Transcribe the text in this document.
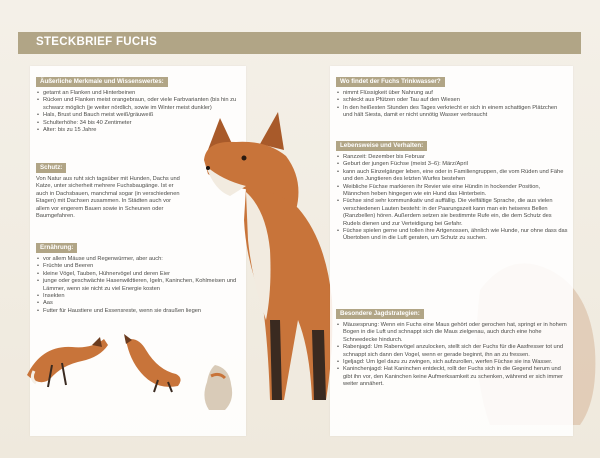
STECKBRIEF FUCHS
Äußerliche Merkmale und Wissenswertes:
• getarnt an Flanken und Hinterbeinen
• Rücken und Flanken meist orangebraun, oder viele Farbvarianten (bis hin zu schwarz möglich (je weiter nördlich, sowie im Winter meist dunkler)
• Hals, Brust und Bauch meist weiß/gräuweiß
• Schulterhöhe: 34 bis 40 Zentimeter
• Alter: bis zu 15 Jahre
Schutz:

Von Natur aus ruht sich tagsüber mit Hunden, Dachs und Katze, unter sicherheit mehrere Fuchsbaugänge. Ist er auch in Dachsbauen, manchmal sogar (in verschiedenen Etagen) mit Dachsen zusammen. In Städten auch vor allem vor engerem Bauen sowie in Scheunen oder Baumgefahren.

Ernährung:
• vor allem Mäuse und Regenwürmer, aber auch:
• Früchte und Beeren
• kleine Vögel, Tauben, Hühnervögel und deren Eier
• junge oder geschwächte Hasenwildtieren, Igeln, Kaninchen, Kohlmeisen und Lämmer, wenn sie nicht zu viel Energie kosten
• Insekten
• Aas
• Futter für Haustiere und Essensreste, wenn sie draußen liegen
Wo findet der Fuchs Trinkwasser?
• nimmt Flüssigkeit über Nahrung auf
• schleckt aus Pfützen oder Tau auf den Wiesen
• In den heißesten Stunden des Tages verkriecht er sich in einem schattigen Plätzchen und hält Siesta, damit er nicht unnötig Wasser verbraucht
Lebensweise und Verhalten:
• Ranzzeit: Dezember bis Februar
• Geburt der jungen Füchse (meist 3–6): März/April
• kann auch Einzelgänger leben, eine oder in Familiengruppen, die vom Rüden und Fähe und den Jungtieren des letzten Wurfes bestehen
• Weibliche Füchse markieren ihr Revier wie eine Hündin in hockender Position, Männchen heben hingegen wie ein Hund das Hinterbein.
• Füchse sind sehr kommunikativ und auffällig. Die vielfältige Sprache, die aus vielen verschiedenen Lauten besteht: in der Paarungszeit kann man ein heiseres Bellen (Ranzbellen) hören. Außerdem setzen sie bestimmte Rufe ein, die dem Schutz des Rudels dienen und zur Verteidigung bei Gefahr.
• Füchse spielen gerne und tollen ihre Artgenossen, ähnlich wie Hunde, nur ohne dass das Übertoben und in die Luft geraten, um Schutz zu suchen.
Besondere Jagdstrategien:
• Mäusesprung: Wenn ein Fuchs eine Maus gehört oder gerochen hat, springt er in hohem Bogen in die Luft und schnappt sich die Maus zielgenau, auch durch eine hohe Schneedecke hindurch.
• Rabenjagd: Um Rabenvögel anzulocken, stellt sich der Fuchs für die Aasfresser tot und schnappt sich dann den Vogel, wenn er gerade beginnt, ihn an zu fressen.
• Igeljagd: Um Igel dazu zu zwingen, sich aufzurollen, werfen Füchse sie ins Wasser.
• Kaninchenjagd: Hat Kaninchen entdeckt, rollt der Fuchs sich in die Gegend herum und gibt ihn vor, den Kaninchen keine Aufmerksamkeit zu schenken, während er sich immer weiter annähert.
